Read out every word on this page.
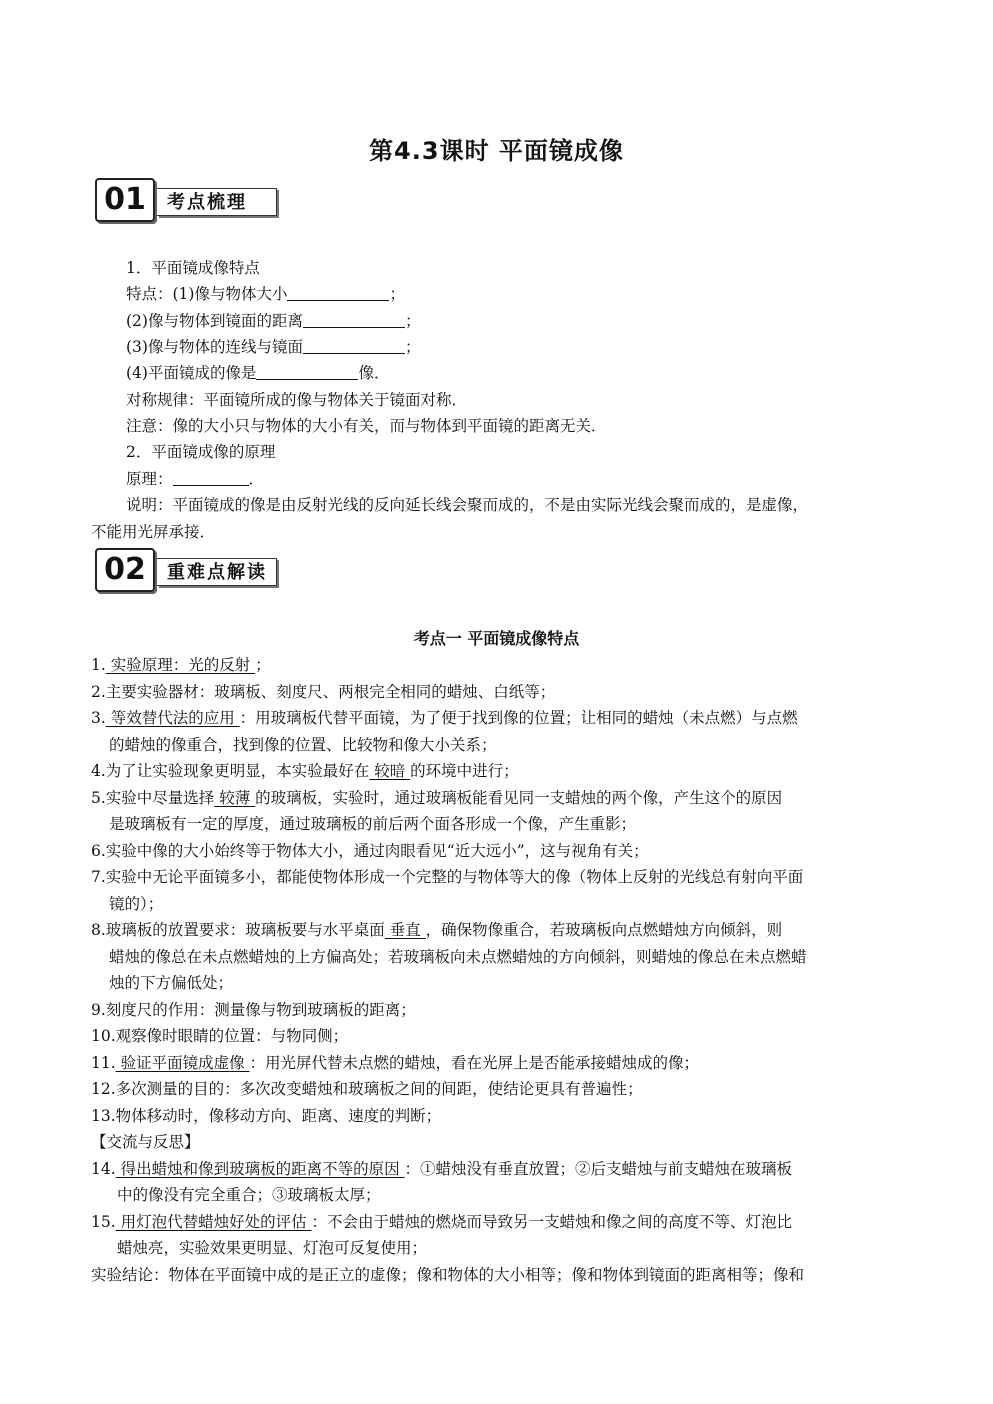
第4.3课时 平面镜成像
01	考点梳理
1．平面镜成像特点
特点：(1)像与物体大小	；
(2)像与物体到镜面的距离	；
(3)像与物体的连线与镜面	；
(4)平面镜成的像是	像．
对称规律：平面镜所成的像与物体关于镜面对称．
注意：像的大小只与物体的大小有关，而与物体到平面镜的距离无关．
2．平面镜成像的原理
原理：	．
说明：平面镜成的像是由反射光线的反向延长线会聚而成的，不是由实际光线会聚而成的，是虚像，
不能用光屏承接．
02	重难点解读
考点一 平面镜成像特点
1. 实验原理：光的反射 ；
2.主要实验器材：玻璃板、刻度尺、两根完全相同的蜡烛、白纸等；
3. 等效替代法的应用 ：用玻璃板代替平面镜，为了便于找到像的位置；让相同的蜡烛（未点燃）与点燃
的蜡烛的像重合，找到像的位置、比较物和像大小关系；
4.为了让实验现象更明显，本实验最好在 较暗 的环境中进行；
5.实验中尽量选择 较薄 的玻璃板，实验时，通过玻璃板能看见同一支蜡烛的两个像，产生这个的原因
是玻璃板有一定的厚度，通过玻璃板的前后两个面各形成一个像，产生重影；
6.实验中像的大小始终等于物体大小，通过肉眼看见“近大远小”，这与视角有关；
7.实验中无论平面镜多小，都能使物体形成一个完整的与物体等大的像（物体上反射的光线总有射向平面
镜的）；
8.玻璃板的放置要求：玻璃板要与水平桌面 垂直 ，确保物像重合，若玻璃板向点燃蜡烛方向倾斜，则
蜡烛的像总在未点燃蜡烛的上方偏高处；若玻璃板向未点燃蜡烛的方向倾斜，则蜡烛的像总在未点燃蜡
烛的下方偏低处；
9.刻度尺的作用：测量像与物到玻璃板的距离；
10.观察像时眼睛的位置：与物同侧；
11. 验证平面镜成虚像 ：用光屏代替未点燃的蜡烛，看在光屏上是否能承接蜡烛成的像；
12.多次测量的目的：多次改变蜡烛和玻璃板之间的间距，使结论更具有普遍性；
13.物体移动时，像移动方向、距离、速度的判断；
【交流与反思】
14. 得出蜡烛和像到玻璃板的距离不等的原因 ：①蜡烛没有垂直放置；②后支蜡烛与前支蜡烛在玻璃板
中的像没有完全重合；③玻璃板太厚；
15. 用灯泡代替蜡烛好处的评估 ：不会由于蜡烛的燃烧而导致另一支蜡烛和像之间的高度不等、灯泡比
蜡烛亮，实验效果更明显、灯泡可反复使用；
实验结论：物体在平面镜中成的是正立的虚像；像和物体的大小相等；像和物体到镜面的距离相等；像和
